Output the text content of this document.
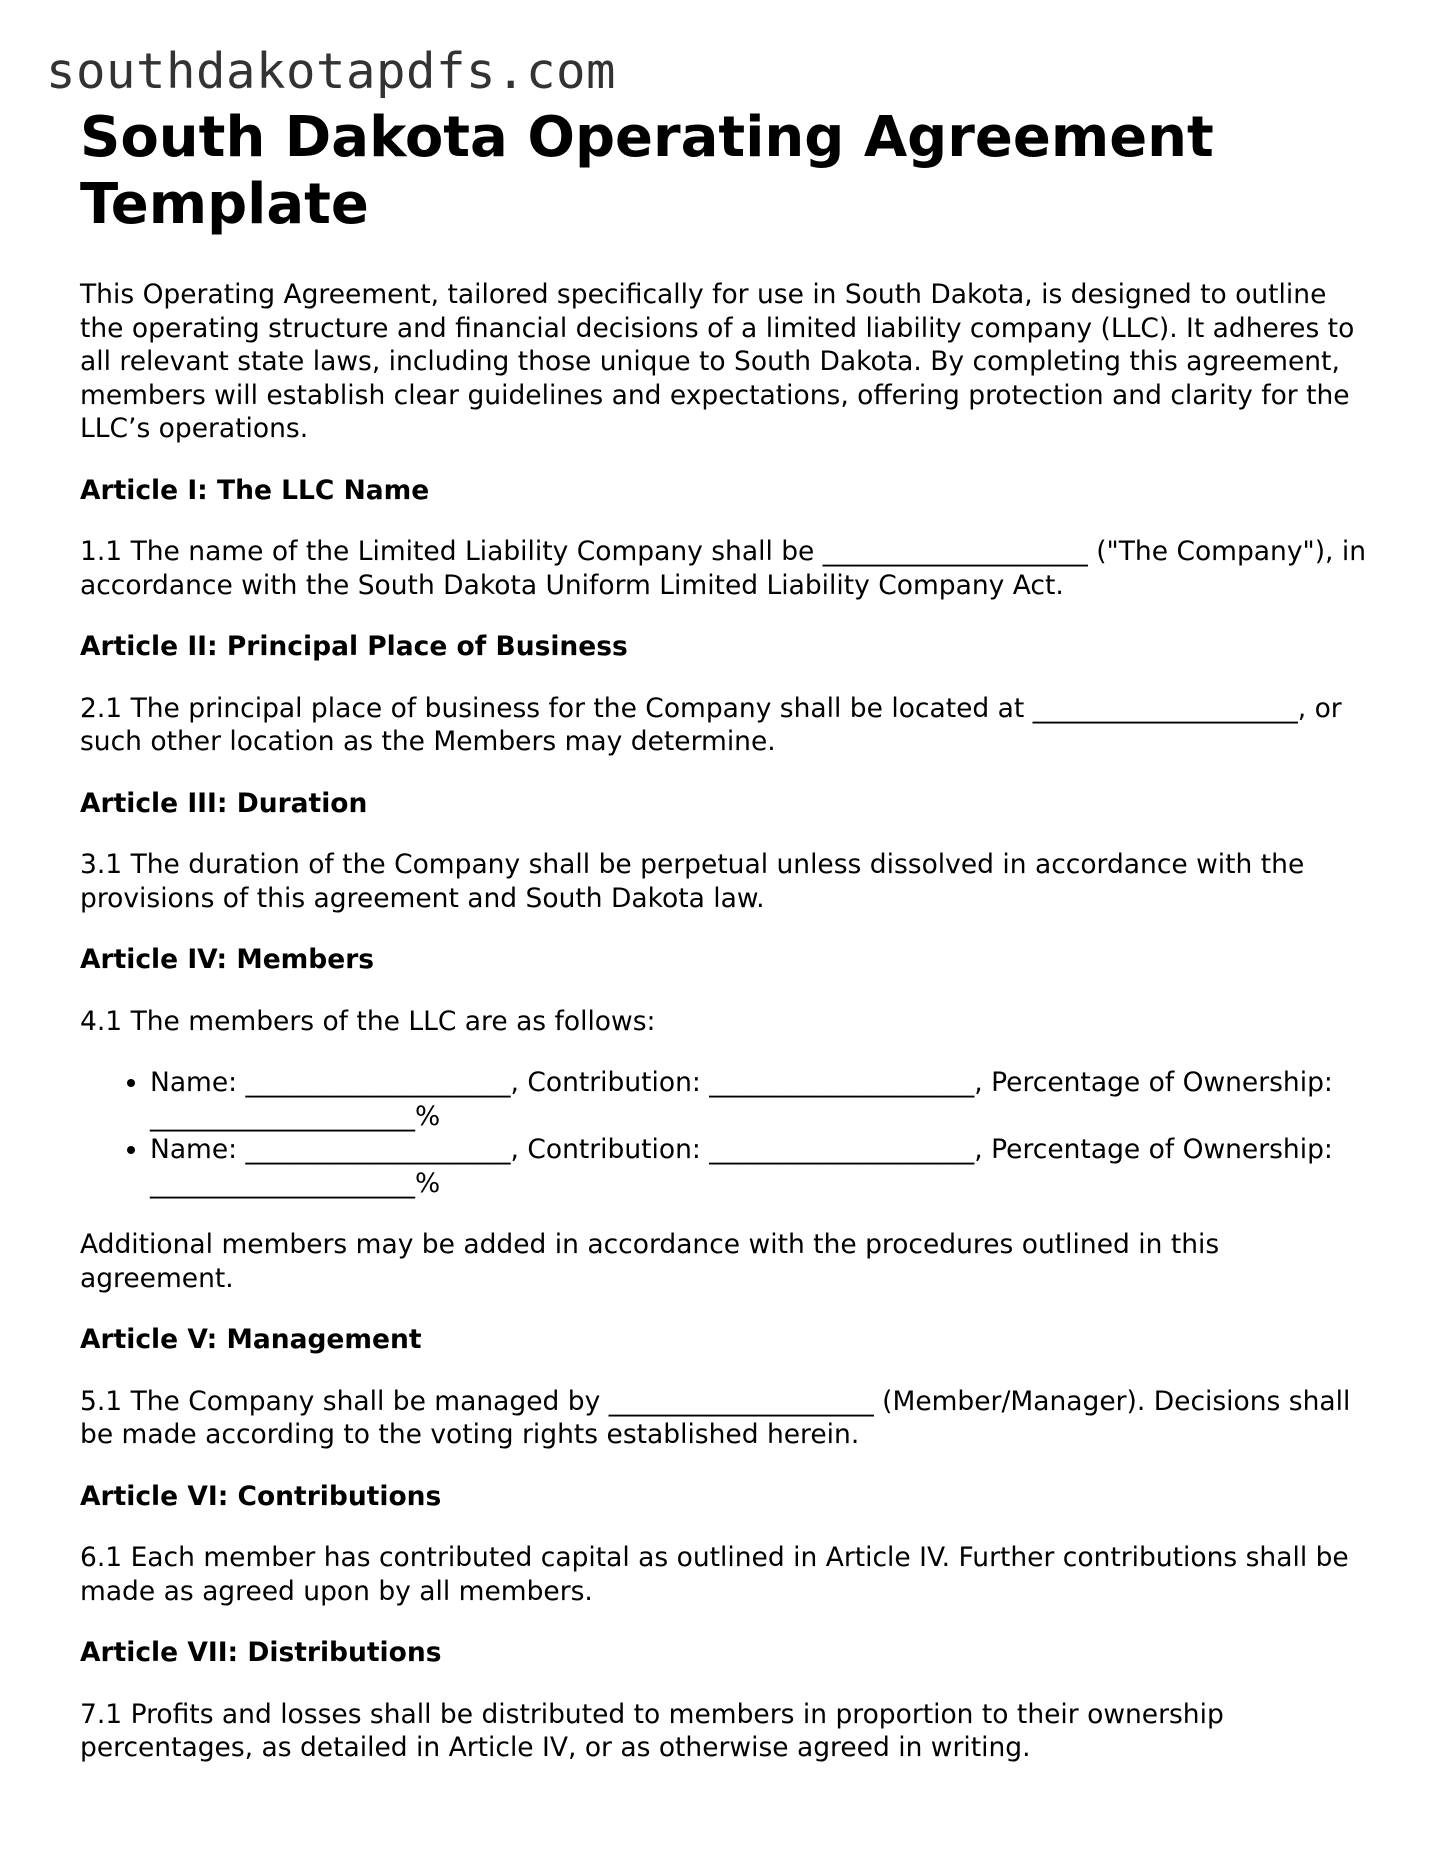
southdakotapdfs.com
South Dakota Operating Agreement Template

This Operating Agreement, tailored specifically for use in South Dakota, is designed to outline the operating structure and financial decisions of a limited liability company (LLC). It adheres to all relevant state laws, including those unique to South Dakota. By completing this agreement, members will establish clear guidelines and expectations, offering protection and clarity for the LLC’s operations.

Article I: The LLC Name

1.1 The name of the Limited Liability Company shall be ____________________ ("The Company"), in accordance with the South Dakota Uniform Limited Liability Company Act.

Article II: Principal Place of Business

2.1 The principal place of business for the Company shall be located at ____________________, or such other location as the Members may determine.

Article III: Duration

3.1 The duration of the Company shall be perpetual unless dissolved in accordance with the provisions of this agreement and South Dakota law.

Article IV: Members

4.1 The members of the LLC are as follows:

• Name: ____________________, Contribution: ____________________, Percentage of Ownership: ____________________%
• Name: ____________________, Contribution: ____________________, Percentage of Ownership: ____________________%

Additional members may be added in accordance with the procedures outlined in this agreement.

Article V: Management

5.1 The Company shall be managed by ____________________ (Member/Manager). Decisions shall be made according to the voting rights established herein.

Article VI: Contributions

6.1 Each member has contributed capital as outlined in Article IV. Further contributions shall be made as agreed upon by all members.

Article VII: Distributions

7.1 Profits and losses shall be distributed to members in proportion to their ownership percentages, as detailed in Article IV, or as otherwise agreed in writing.
